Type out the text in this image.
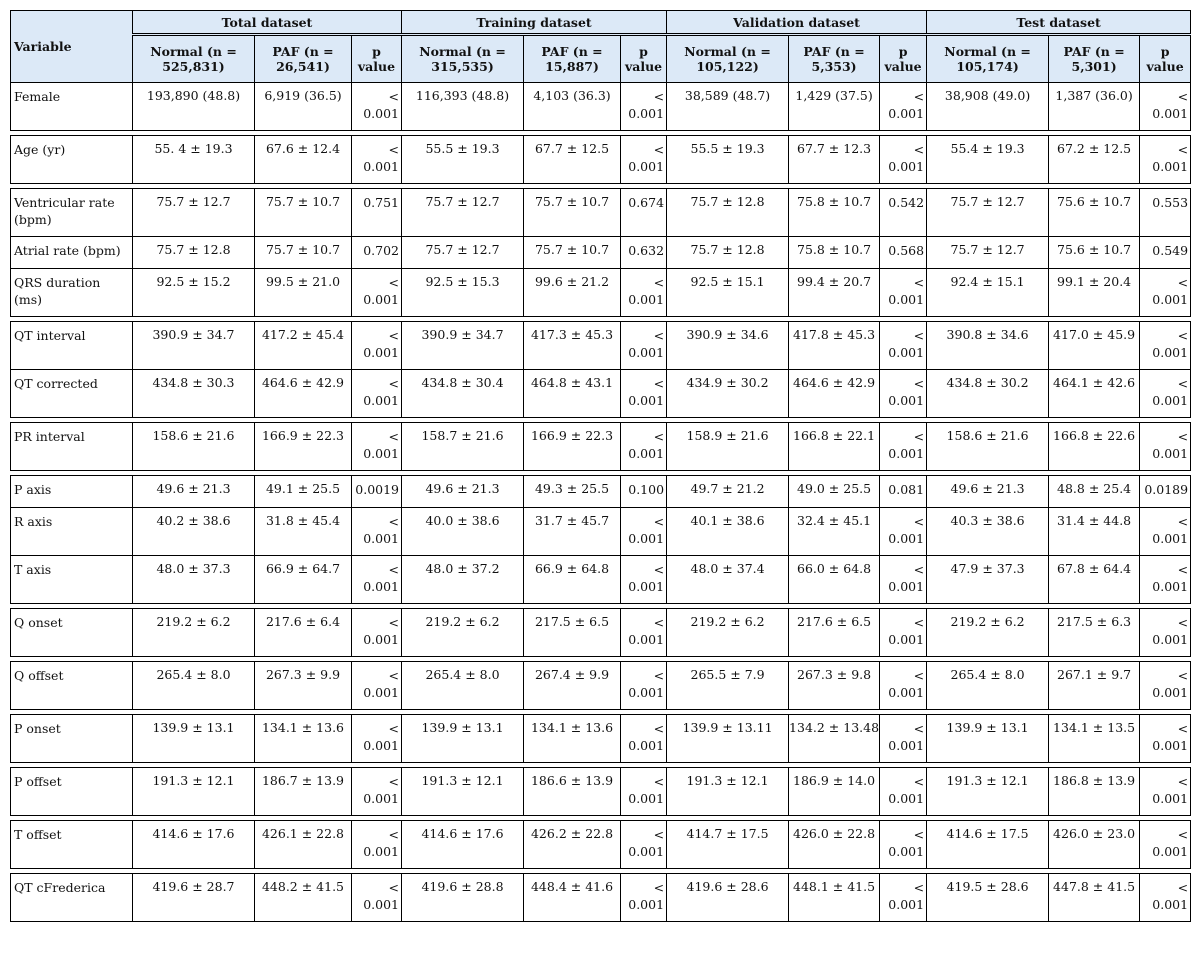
Variable	Total dataset			Training dataset			Validation dataset			Test dataset		
	Normal (n = 525,831)	PAF (n = 26,541)	p value	Normal (n = 315,535)	PAF (n = 15,887)	p value	Normal (n = 105,122)	PAF (n = 5,353)	p value	Normal (n = 105,174)	PAF (n = 5,301)	p value
Female	193,890 (48.8)	6,919 (36.5)	< 0.001	116,393 (48.8)	4,103 (36.3)	< 0.001	38,589 (48.7)	1,429 (37.5)	< 0.001	38,908 (49.0)	1,387 (36.0)	< 0.001

Age (yr)	55. 4 ± 19.3	67.6 ± 12.4	< 0.001	55.5 ± 19.3	67.7 ± 12.5	< 0.001	55.5 ± 19.3	67.7 ± 12.3	< 0.001	55.4 ± 19.3	67.2 ± 12.5	< 0.001

Ventricular rate (bpm)	75.7 ± 12.7	75.7 ± 10.7	0.751	75.7 ± 12.7	75.7 ± 10.7	0.674	75.7 ± 12.8	75.8 ± 10.7	0.542	75.7 ± 12.7	75.6 ± 10.7	0.553
Atrial rate (bpm)	75.7 ± 12.8	75.7 ± 10.7	0.702	75.7 ± 12.7	75.7 ± 10.7	0.632	75.7 ± 12.8	75.8 ± 10.7	0.568	75.7 ± 12.7	75.6 ± 10.7	0.549
QRS duration (ms)	92.5 ± 15.2	99.5 ± 21.0	< 0.001	92.5 ± 15.3	99.6 ± 21.2	< 0.001	92.5 ± 15.1	99.4 ± 20.7	< 0.001	92.4 ± 15.1	99.1 ± 20.4	< 0.001

QT interval	390.9 ± 34.7	417.2 ± 45.4	< 0.001	390.9 ± 34.7	417.3 ± 45.3	< 0.001	390.9 ± 34.6	417.8 ± 45.3	< 0.001	390.8 ± 34.6	417.0 ± 45.9	< 0.001
QT corrected	434.8 ± 30.3	464.6 ± 42.9	< 0.001	434.8 ± 30.4	464.8 ± 43.1	< 0.001	434.9 ± 30.2	464.6 ± 42.9	< 0.001	434.8 ± 30.2	464.1 ± 42.6	< 0.001

PR interval	158.6 ± 21.6	166.9 ± 22.3	< 0.001	158.7 ± 21.6	166.9 ± 22.3	< 0.001	158.9 ± 21.6	166.8 ± 22.1	< 0.001	158.6 ± 21.6	166.8 ± 22.6	< 0.001

P axis	49.6 ± 21.3	49.1 ± 25.5	0.0019	49.6 ± 21.3	49.3 ± 25.5	0.100	49.7 ± 21.2	49.0 ± 25.5	0.081	49.6 ± 21.3	48.8 ± 25.4	0.0189
R axis	40.2 ± 38.6	31.8 ± 45.4	< 0.001	40.0 ± 38.6	31.7 ± 45.7	< 0.001	40.1 ± 38.6	32.4 ± 45.1	< 0.001	40.3 ± 38.6	31.4 ± 44.8	< 0.001
T axis	48.0 ± 37.3	66.9 ± 64.7	< 0.001	48.0 ± 37.2	66.9 ± 64.8	< 0.001	48.0 ± 37.4	66.0 ± 64.8	< 0.001	47.9 ± 37.3	67.8 ± 64.4	< 0.001

Q onset	219.2 ± 6.2	217.6 ± 6.4	< 0.001	219.2 ± 6.2	217.5 ± 6.5	< 0.001	219.2 ± 6.2	217.6 ± 6.5	< 0.001	219.2 ± 6.2	217.5 ± 6.3	< 0.001

Q offset	265.4 ± 8.0	267.3 ± 9.9	< 0.001	265.4 ± 8.0	267.4 ± 9.9	< 0.001	265.5 ± 7.9	267.3 ± 9.8	< 0.001	265.4 ± 8.0	267.1 ± 9.7	< 0.001

P onset	139.9 ± 13.1	134.1 ± 13.6	< 0.001	139.9 ± 13.1	134.1 ± 13.6	< 0.001	139.9 ± 13.11	134.2 ± 13.48	< 0.001	139.9 ± 13.1	134.1 ± 13.5	< 0.001

P offset	191.3 ± 12.1	186.7 ± 13.9	< 0.001	191.3 ± 12.1	186.6 ± 13.9	< 0.001	191.3 ± 12.1	186.9 ± 14.0	< 0.001	191.3 ± 12.1	186.8 ± 13.9	< 0.001

T offset	414.6 ± 17.6	426.1 ± 22.8	< 0.001	414.6 ± 17.6	426.2 ± 22.8	< 0.001	414.7 ± 17.5	426.0 ± 22.8	< 0.001	414.6 ± 17.5	426.0 ± 23.0	< 0.001

QT cFrederica	419.6 ± 28.7	448.2 ± 41.5	< 0.001	419.6 ± 28.8	448.4 ± 41.6	< 0.001	419.6 ± 28.6	448.1 ± 41.5	< 0.001	419.5 ± 28.6	447.8 ± 41.5	< 0.001
